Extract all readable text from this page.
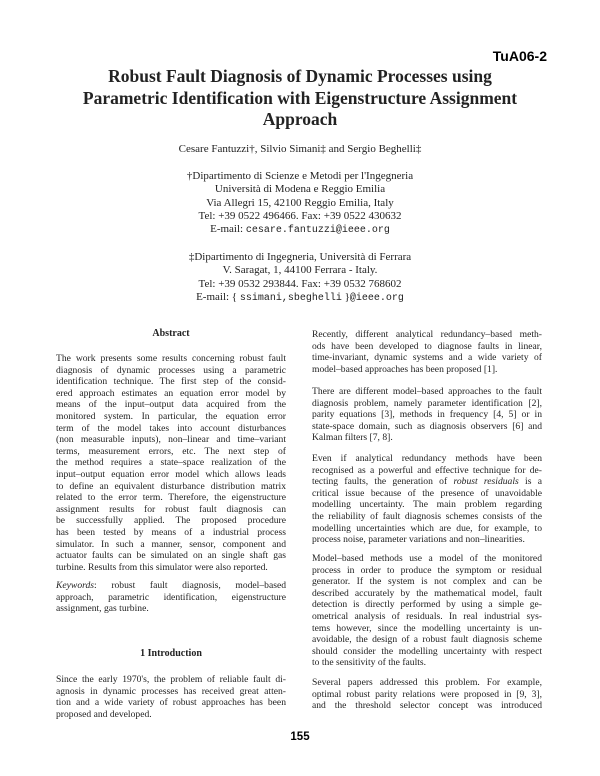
TuA06-2
Robust Fault Diagnosis of Dynamic Processes using
Parametric Identification with Eigenstructure Assignment
Approach
Cesare Fantuzzi†, Silvio Simani‡ and Sergio Beghelli‡
†Dipartimento di Scienze e Metodi per l'Ingegneria
Università di Modena e Reggio Emilia
Via Allegri 15, 42100 Reggio Emilia, Italy
Tel: +39 0522 496466. Fax: +39 0522 430632
E-mail: cesare.fantuzzi@ieee.org
‡Dipartimento di Ingegneria, Università di Ferrara
V. Saragat, 1, 44100 Ferrara - Italy.
Tel: +39 0532 293844. Fax: +39 0532 768602
E-mail: { ssimani,sbeghelli }@ieee.org
Abstract
The work presents some results concerning robust fault
diagnosis of dynamic processes using a parametric
identification technique. The first step of the consid-
ered approach estimates an equation error model by
means of the input–output data acquired from the
monitored system. In particular, the equation error
term of the model takes into account disturbances
(non measurable inputs), non–linear and time–variant
terms, measurement errors, etc. The next step of
the method requires a state–space realization of the
input–output equation error model which allows leads
to define an equivalent disturbance distribution matrix
related to the error term. Therefore, the eigenstructure
assignment results for robust fault diagnosis can
be successfully applied. The proposed procedure
has been tested by means of a industrial process
simulator. In such a manner, sensor, component and
actuator faults can be simulated on an single shaft gas
turbine. Results from this simulator were also reported.
Keywords: robust fault diagnosis, model–based
approach, parametric identification, eigenstructure
assignment, gas turbine.
1 Introduction
Since the early 1970's, the problem of reliable fault di-
agnosis in dynamic processes has received great atten-
tion and a wide variety of robust approaches has been
proposed and developed.
Recently, different analytical redundancy–based meth-
ods have been developed to diagnose faults in linear,
time-invariant, dynamic systems and a wide variety of
model–based approaches has been proposed [1].
There are different model–based approaches to the fault
diagnosis problem, namely parameter identification [2],
parity equations [3], methods in frequency [4, 5] or in
state-space domain, such as diagnosis observers [6] and
Kalman filters [7, 8].
Even if analytical redundancy methods have been
recognised as a powerful and effective technique for de-
tecting faults, the generation of robust residuals is a
critical issue because of the presence of unavoidable
modelling uncertainty. The main problem regarding
the reliability of fault diagnosis schemes consists of the
modelling uncertainties which are due, for example, to
process noise, parameter variations and non–linearities.
Model–based methods use a model of the monitored
process in order to produce the symptom or residual
generator. If the system is not complex and can be
described accurately by the mathematical model, fault
detection is directly performed by using a simple ge-
ometrical analysis of residuals. In real industrial sys-
tems however, since the modelling uncertainty is un-
avoidable, the design of a robust fault diagnosis scheme
should consider the modelling uncertainty with respect
to the sensitivity of the faults.
Several papers addressed this problem. For example,
optimal robust parity relations were proposed in [9, 3],
and the threshold selector concept was introduced
155
